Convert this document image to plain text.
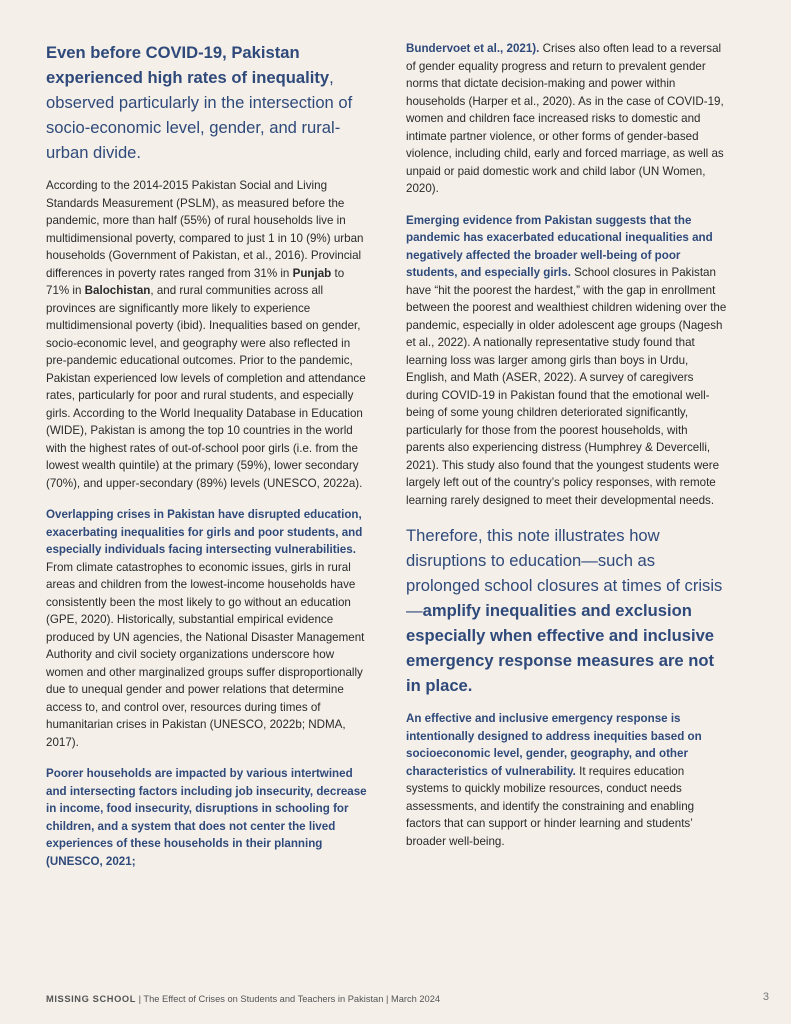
Even before COVID-19, Pakistan experienced high rates of inequality, observed particularly in the intersection of socio-economic level, gender, and rural-urban divide.

According to the 2014-2015 Pakistan Social and Living Standards Measurement (PSLM), as measured before the pandemic, more than half (55%) of rural households live in multidimensional poverty, compared to just 1 in 10 (9%) urban households (Government of Pakistan, et al., 2016). Provincial differences in poverty rates ranged from 31% in Punjab to 71% in Balochistan, and rural communities across all provinces are significantly more likely to experience multidimensional poverty (ibid). Inequalities based on gender, socio-economic level, and geography were also reflected in pre-pandemic educational outcomes. Prior to the pandemic, Pakistan experienced low levels of completion and attendance rates, particularly for poor and rural students, and especially girls. According to the World Inequality Database in Education (WIDE), Pakistan is among the top 10 countries in the world with the highest rates of out-of-school poor girls (i.e. from the lowest wealth quintile) at the primary (59%), lower secondary (70%), and upper-secondary (89%) levels (UNESCO, 2022a).

Overlapping crises in Pakistan have disrupted education, exacerbating inequalities for girls and poor students, and especially individuals facing intersecting vulnerabilities. From climate catastrophes to economic issues, girls in rural areas and children from the lowest-income households have consistently been the most likely to go without an education (GPE, 2020). Historically, substantial empirical evidence produced by UN agencies, the National Disaster Management Authority and civil society organizations underscore how women and other marginalized groups suffer disproportionally due to unequal gender and power relations that determine access to, and control over, resources during times of humanitarian crises in Pakistan (UNESCO, 2022b; NDMA, 2017).

Poorer households are impacted by various intertwined and intersecting factors including job insecurity, decrease in income, food insecurity, disruptions in schooling for children, and a system that does not center the lived experiences of these households in their planning (UNESCO, 2021;

Bundervoet et al., 2021). Crises also often lead to a reversal of gender equality progress and return to prevalent gender norms that dictate decision-making and power within households (Harper et al., 2020). As in the case of COVID-19, women and children face increased risks to domestic and intimate partner violence, or other forms of gender-based violence, including child, early and forced marriage, as well as unpaid or paid domestic work and child labor (UN Women, 2020).

Emerging evidence from Pakistan suggests that the pandemic has exacerbated educational inequalities and negatively affected the broader well-being of poor students, and especially girls. School closures in Pakistan have “hit the poorest the hardest,” with the gap in enrollment between the poorest and wealthiest children widening over the pandemic, especially in older adolescent age groups (Nagesh et al., 2022). A nationally representative study found that learning loss was larger among girls than boys in Urdu, English, and Math (ASER, 2022). A survey of caregivers during COVID-19 in Pakistan found that the emotional well-being of some young children deteriorated significantly, particularly for those from the poorest households, with parents also experiencing distress (Humphrey & Devercelli, 2021). This study also found that the youngest students were largely left out of the country’s policy responses, with remote learning rarely designed to meet their developmental needs.

Therefore, this note illustrates how disruptions to education—such as prolonged school closures at times of crisis—amplify inequalities and exclusion especially when effective and inclusive emergency response measures are not in place.

An effective and inclusive emergency response is intentionally designed to address inequities based on socioeconomic level, gender, geography, and other characteristics of vulnerability. It requires education systems to quickly mobilize resources, conduct needs assessments, and identify the constraining and enabling factors that can support or hinder learning and students’ broader well-being.

MISSING SCHOOL | The Effect of Crises on Students and Teachers in Pakistan | March 2024	3
